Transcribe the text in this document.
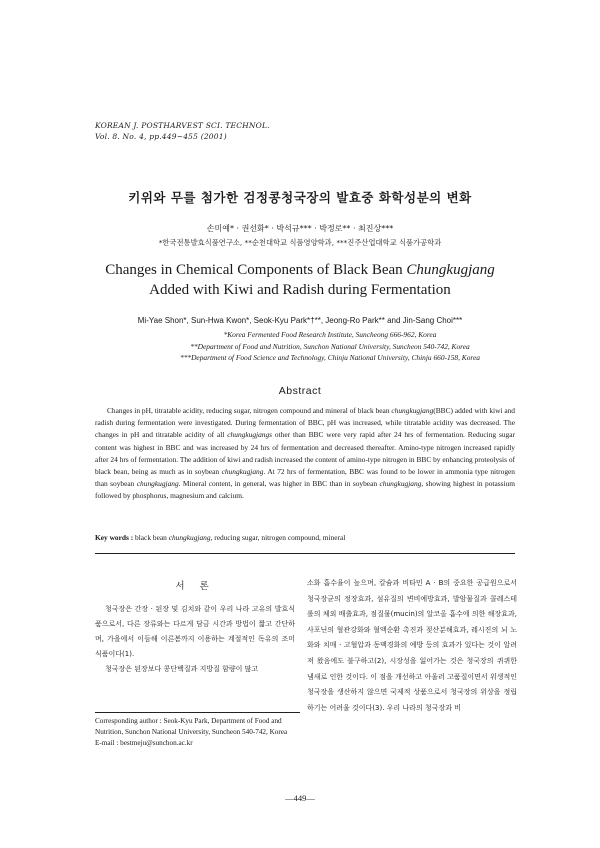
KOREAN J. POSTHARVEST SCI. TECHNOL.
Vol. 8. No. 4, pp.449~455 (2001)
키위와 무를 첨가한 검정콩청국장의 발효중 화학성분의 변화
손미예* · 권선화* · 박석규*** · 박정로** · 최진상***
*한국전통발효식품연구소, **순천대학교 식품영양학과, ***진주산업대학교 식품가공학과
Changes in Chemical Components of Black Bean Chungkugjang
Added with Kiwi and Radish during Fermentation
Mi-Yae Shon*, Sun-Hwa Kwon*, Seok-Kyu Park*†**, Jeong-Ro Park** and Jin-Sang Choi***
*Korea Fermented Food Research Institute, Suncheong 666-962, Korea
**Department of Food and Nutrition, Sunchon National University, Suncheon 540-742, Korea
***Department of Food Science and Technology, Chinju National University, Chinju 660-158, Korea
Abstract
Changes in pH, titratable acidity, reducing sugar, nitrogen compound and mineral of black bean chungkugjang(BBC) added with kiwi and radish during fermentation were investigated. During fermentation of BBC, pH was increased, while titratable acidity was decreased. The changes in pH and titratable acidity of all chungkugjangs other than BBC were very rapid after 24 hrs of fermentation. Reducing sugar content was highest in BBC and was increased by 24 hrs of fermentation and decreased thereafter. Amino-type nitrogen increased rapidly after 24 hrs of fermentation. The addition of kiwi and radish increased the content of amino-type nitrogen in BBC by enhancing proteolysis of black bean, being as much as in soybean chungkugjang. At 72 hrs of fermentation, BBC was found to be lower in ammonia type nitrogen than soybean chungkugjang. Mineral content, in general, was higher in BBC than in soybean chungkugjang, showing highest in potassium followed by phosphorus, magnesium and calcium.
Key words : black bean chungkugjang, reducing sugar, nitrogen compound, mineral
서 론

청국장은 간장 · 된장 및 김치와 같이 우리 나라 고유의 발효식품으로서, 다른 장류와는 다르게 담금 시간과 방법이 짧고 간단하며, 가을에서 이듬해 이른봄까지 이용하는 계절적인 독유의 조미식품이다(1).

청국장은 된장보다 콩단백질과 지방질 함량이 많고

소화 흡수율이 높으며, 칼슘과 비타민 A · B의 중요한 공급원으로서 청국장균의 정장효과, 섬유질의 변비예방효과, 발암물질과 콜레스테롤의 체외 배출효과, 점질물(mucin)의 알코올 흡수에 의한 해장효과, 사포닌의 혈관강화와 혈액순환 촉진과 젖산분해효과, 레시진의 뇌 노화와 치매 · 고혈압과 동맥경화의 예방 등의 효과가 있다는 것이 알려져 왔음에도 불구하고(2), 시장성을 잃어가는 것은 청국장의 퀴퀴한 냄새로 인한 것이다. 이 점을 개선하고 아울러 고품질이면서 위생적인 청국장을 생산하지 않으면 국제적 상품으로서 청국장의 위상을 정립하기는 어려울 것이다(3). 우리 나라의 청국장과 비
Corresponding author : Seok-Kyu Park, Department of Food and Nutrition, Sunchon National University, Suncheon 540-742, Korea
E-mail : bestmeju@sunchon.ac.kr
—449—
